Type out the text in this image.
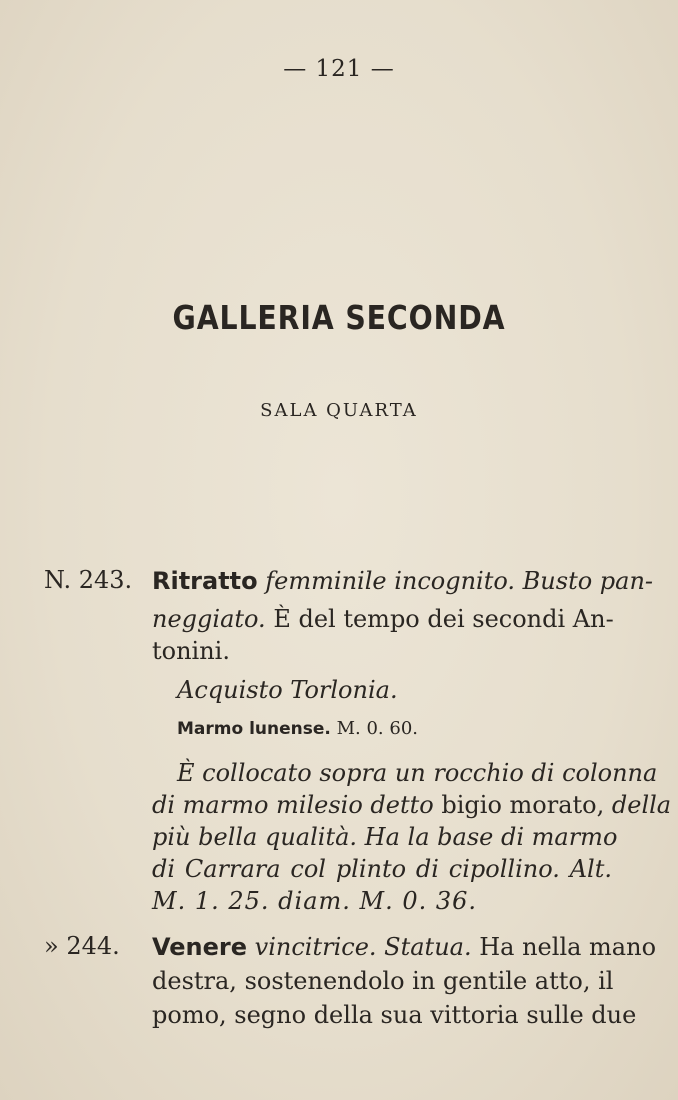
— 121 —
GALLERIA SECONDA
SALA QUARTA
N. 243. Ritratto femminile incognito. Busto pan-
neggiato. È del tempo dei secondi An-
tonini.
Acquisto Torlonia.
Marmo lunense. M. 0. 60.
È collocato sopra un rocchio di colonna
di marmo milesio detto bigio morato, della
più bella qualità. Ha la base di marmo
di Carrara col plinto di cipollino. Alt.
M. 1. 25. diam. M. 0. 36.
» 244. Venere vincitrice. Statua. Ha nella mano
destra, sostenendolo in gentile atto, il
pomo, segno della sua vittoria sulle due
